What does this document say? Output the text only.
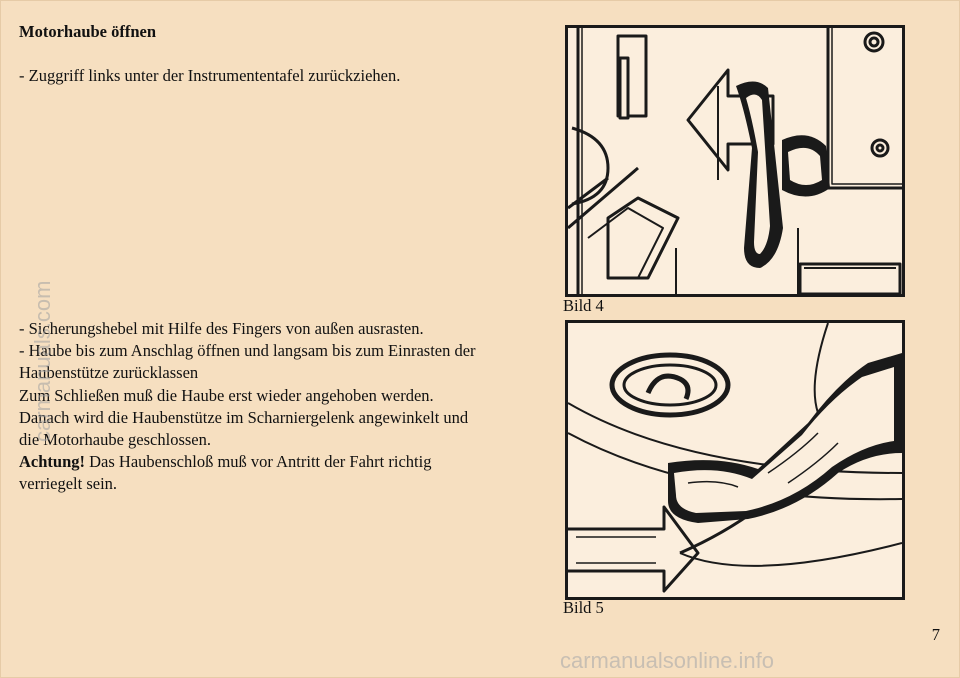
Motorhaube öffnen
- Zuggriff links unter der Instrumententafel zurückziehen.
- Sicherungshebel mit Hilfe des Fingers von außen ausrasten.
- Haube bis zum Anschlag öffnen und langsam bis zum Einrasten der
Haubenstütze zurücklassen
Zum Schließen muß die Haube erst wieder angehoben werden.
Danach wird die Haubenstütze im Scharniergelenk angewinkelt und
die Motorhaube geschlossen.
Achtung! Das Haubenschloß muß vor Antritt der Fahrt richtig
verriegelt sein.
Bild 4
Bild 5
7
carmanuals.com
carmanualsonline.info
